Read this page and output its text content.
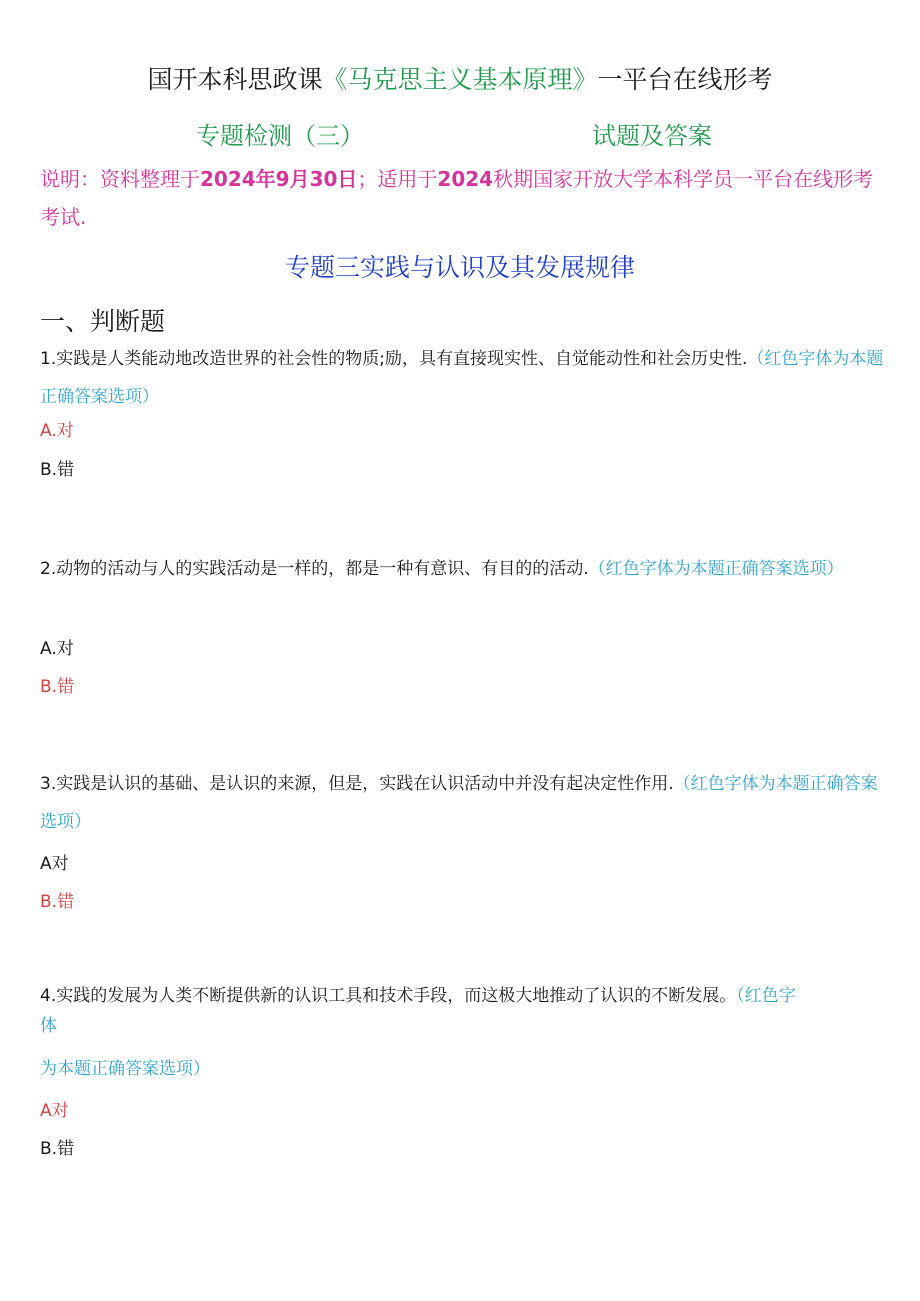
国开本科思政课《马克思主义基本原理》一平台在线形考
专题检测（三）	试题及答案
说明：资料整理于2024年9月30日；适用于2024秋期国家开放大学本科学员一平台在线形考考试.
专题三实践与认识及其发展规律
一、判断题
1.实践是人类能动地改造世界的社会性的物质;励，具有直接现实性、自觉能动性和社会历史性.（红色字体为本题正确答案选项）
A.对
B.错
2.动物的活动与人的实践活动是一样的，都是一种有意识、有目的的活动.（红色字体为本题正确答案选项）
A.对
B.错
3.实践是认识的基础、是认识的来源，但是，实践在认识活动中并没有起决定性作用.（红色字体为本题正确答案选项）
A对
B.错
4.实践的发展为人类不断提供新的认识工具和技术手段，而这极大地推动了认识的不断发展。（红色字
体
为本题正确答案选项）
A对
B.错
